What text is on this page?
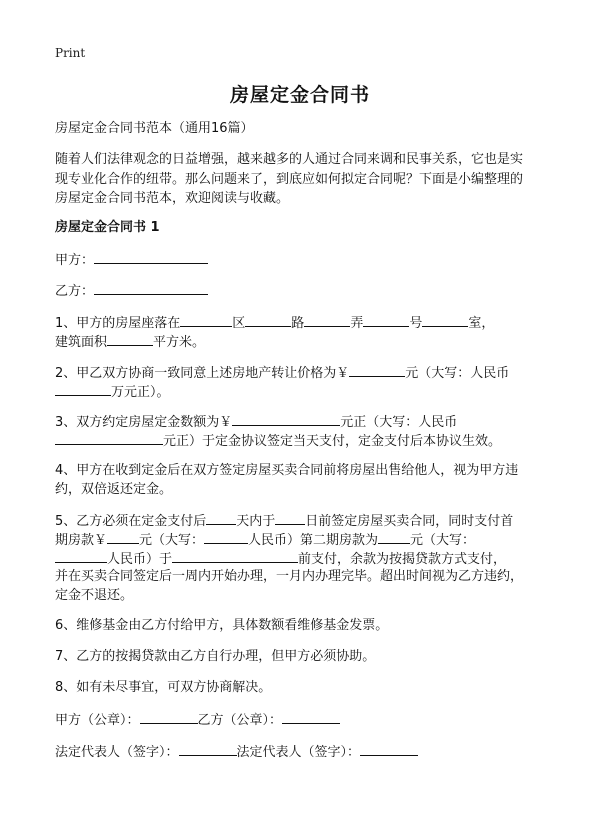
Print
房屋定金合同书
房屋定金合同书范本（通用16篇）
随着人们法律观念的日益增强，越来越多的人通过合同来调和民事关系，它也是实
现专业化合作的纽带。那么问题来了，到底应如何拟定合同呢？下面是小编整理的
房屋定金合同书范本，欢迎阅读与收藏。
房屋定金合同书 1
甲方：
乙方：
1、甲方的房屋座落在	区	路	弄	号	室，
建筑面积	平方米。
2、甲乙双方协商一致同意上述房地产转让价格为￥	元（大写：人民币
万元正）。
3、双方约定房屋定金数额为￥	元正（大写：人民币
元正）于定金协议签定当天支付，定金支付后本协议生效。
4、甲方在收到定金后在双方签定房屋买卖合同前将房屋出售给他人，视为甲方违
约，双倍返还定金。
5、乙方必须在定金支付后 天内于 日前签定房屋买卖合同，同时支付首
期房款￥ 元（大写：	人民币）第二期房款为 元（大写：
人民币）于	前支付，余款为按揭贷款方式支付，
并在买卖合同签定后一周内开始办理，一月内办理完毕。超出时间视为乙方违约，
定金不退还。
6、维修基金由乙方付给甲方，具体数额看维修基金发票。
7、乙方的按揭贷款由乙方自行办理，但甲方必须协助。
8、如有未尽事宜，可双方协商解决。
甲方（公章）：	乙方（公章）：
法定代表人（签字）：	法定代表人（签字）：
